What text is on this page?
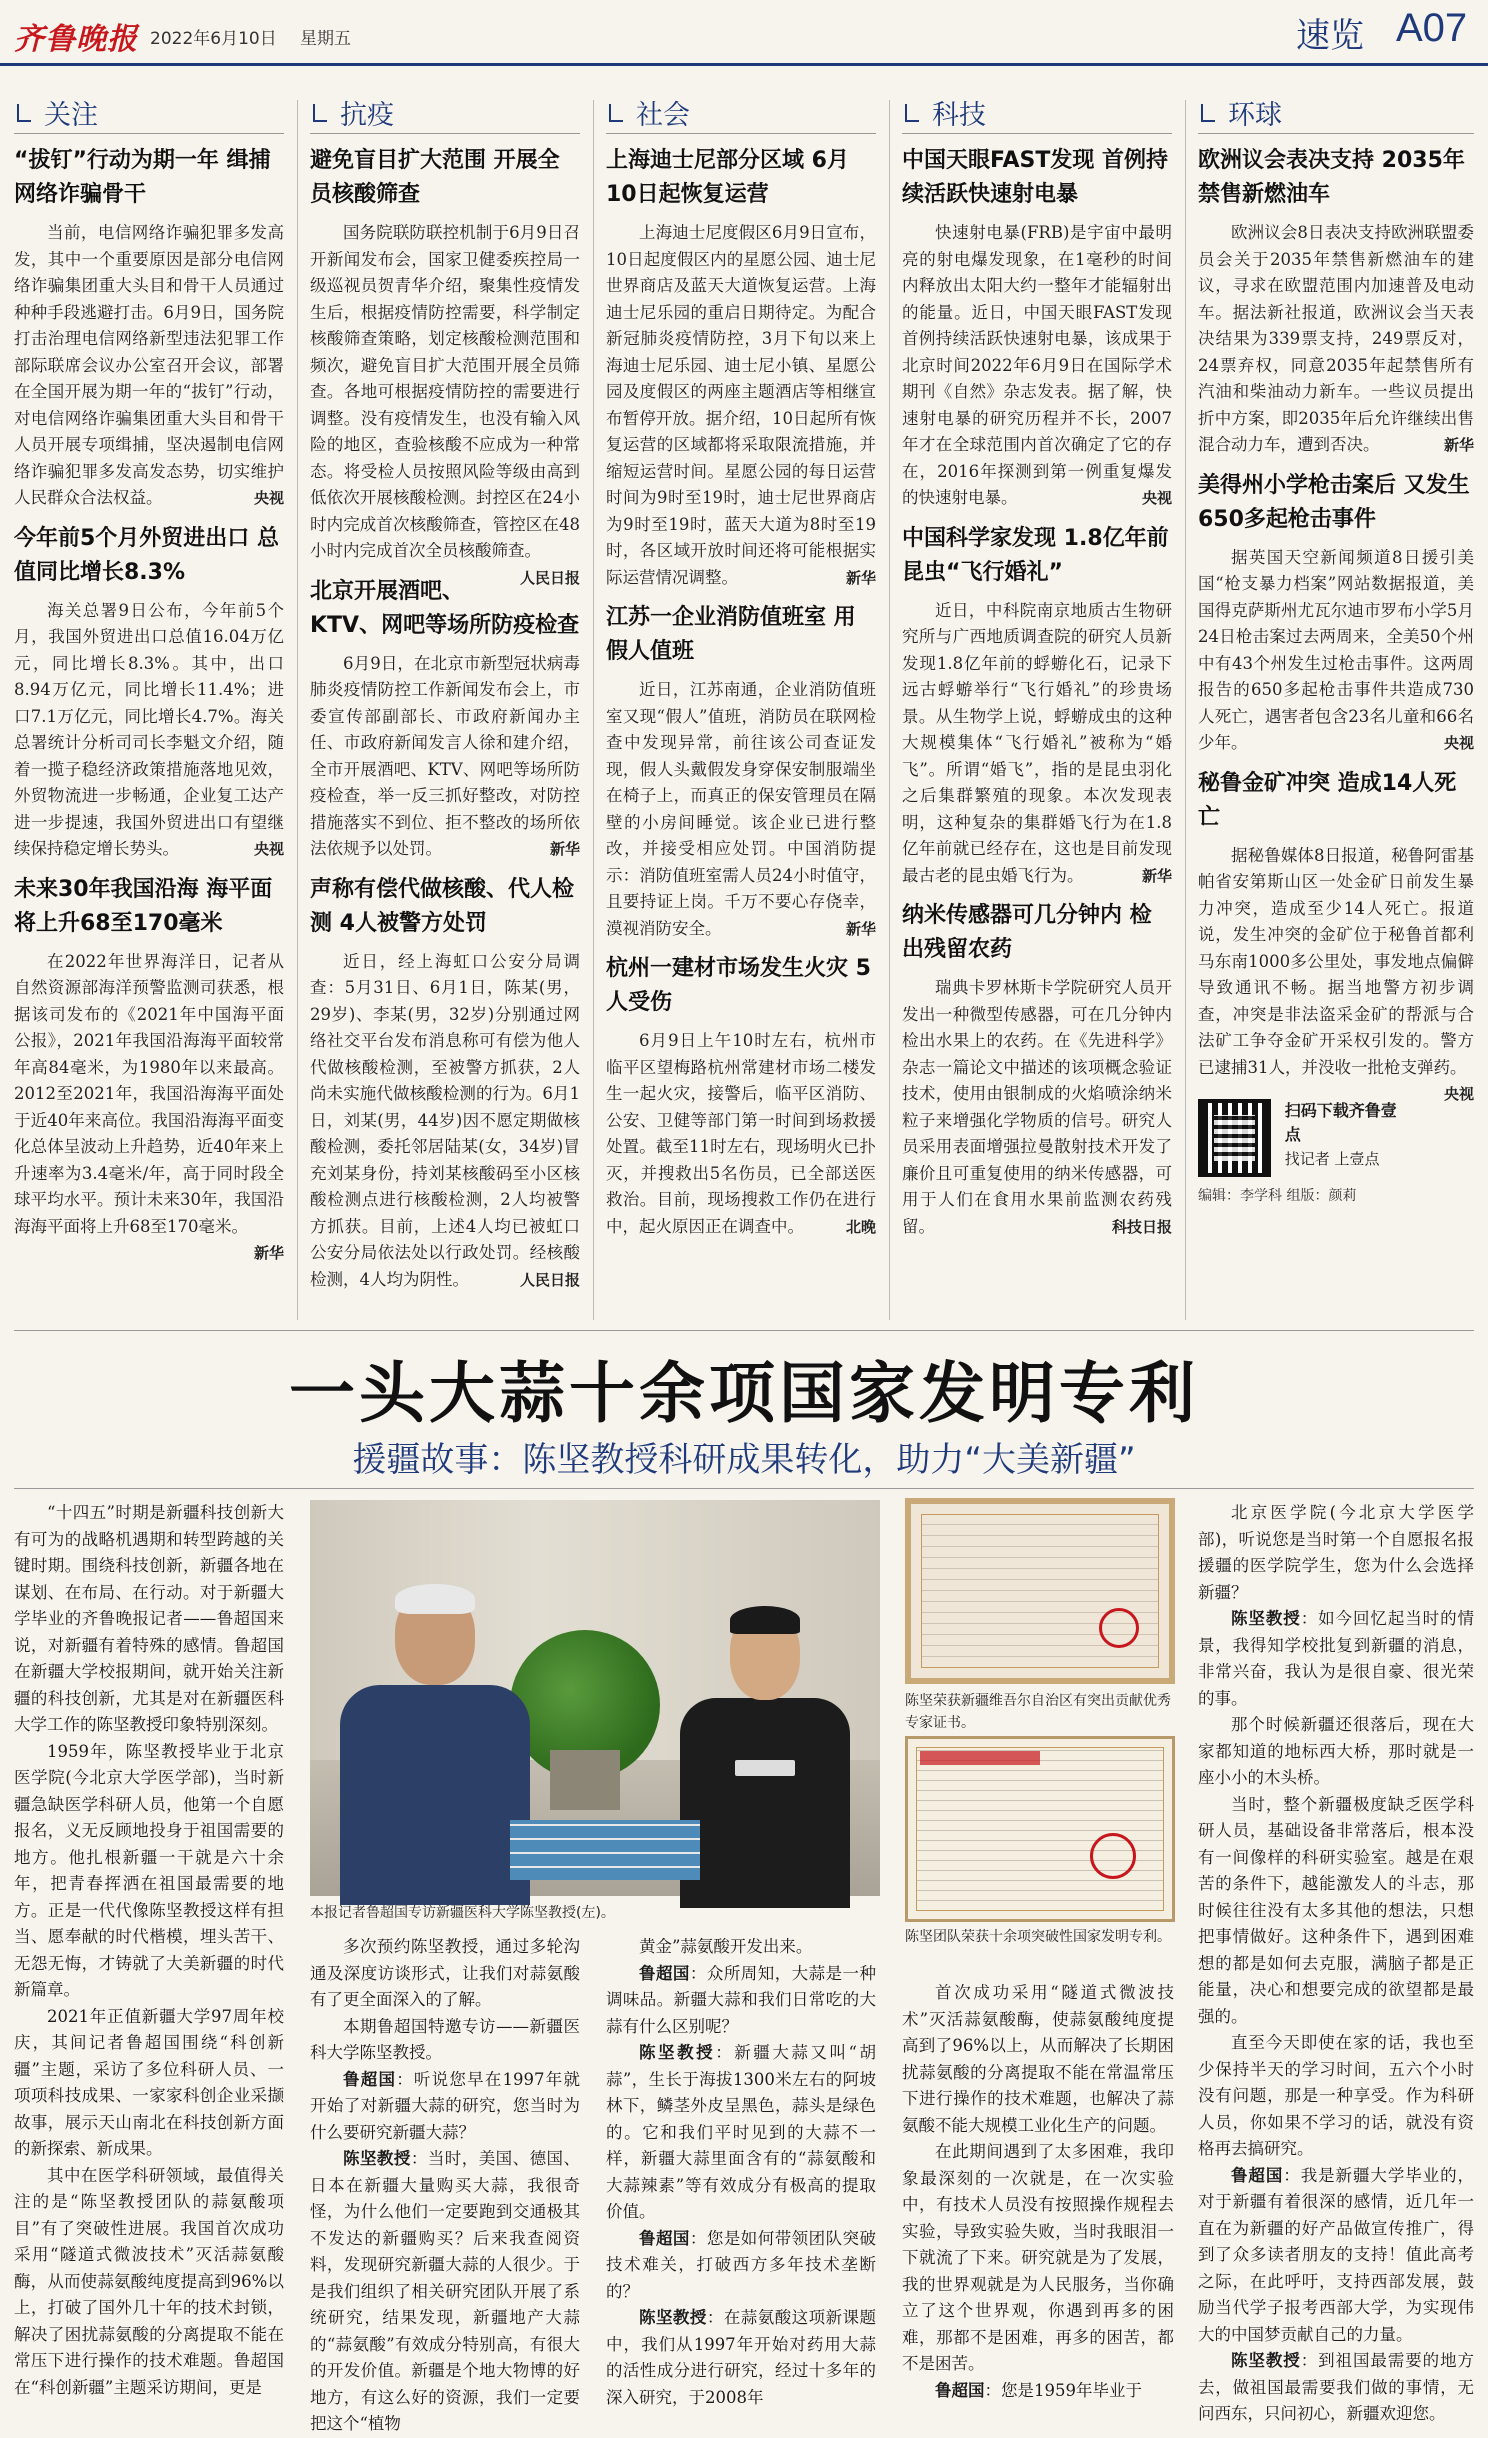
齐鲁晚报 2022年6月10日 星期五	速览 A07
关注
“拔钉”行动为期一年 缉捕网络诈骗骨干
当前，电信网络诈骗犯罪多发高发，其中一个重要原因是部分电信网络诈骗集团重大头目和骨干人员通过种种手段逃避打击。6月9日，国务院打击治理电信网络新型违法犯罪工作部际联席会议办公室召开会议，部署在全国开展为期一年的“拔钉”行动，对电信网络诈骗集团重大头目和骨干人员开展专项缉捕，坚决遏制电信网络诈骗犯罪多发高发态势，切实维护人民群众合法权益。	央视
今年前5个月外贸进出口 总值同比增长8.3%
海关总署9日公布，今年前5个月，我国外贸进出口总值16.04万亿元，同比增长8.3%。其中，出口8.94万亿元，同比增长11.4%；进口7.1万亿元，同比增长4.7%。海关总署统计分析司司长李魁文介绍，随着一揽子稳经济政策措施落地见效，外贸物流进一步畅通，企业复工达产进一步提速，我国外贸进出口有望继续保持稳定增长势头。	央视
未来30年我国沿海 海平面将上升68至170毫米
在2022年世界海洋日，记者从自然资源部海洋预警监测司获悉，根据该司发布的《2021年中国海平面公报》，2021年我国沿海海平面较常年高84毫米，为1980年以来最高。2012至2021年，我国沿海海平面处于近40年来高位。我国沿海海平面变化总体呈波动上升趋势，近40年来上升速率为3.4毫米/年，高于同时段全球平均水平。预计未来30年，我国沿海海平面将上升68至170毫米。
新华
抗疫
避免盲目扩大范围 开展全员核酸筛查
国务院联防联控机制于6月9日召开新闻发布会，国家卫健委疾控局一级巡视员贺青华介绍，聚集性疫情发生后，根据疫情防控需要，科学制定核酸筛查策略，划定核酸检测范围和频次，避免盲目扩大范围开展全员筛查。各地可根据疫情防控的需要进行调整。没有疫情发生，也没有输入风险的地区，查验核酸不应成为一种常态。将受检人员按照风险等级由高到低依次开展核酸检测。封控区在24小时内完成首次核酸筛查，管控区在48小时内完成首次全员核酸筛查。
人民日报
北京开展酒吧、KTV、网吧等场所防疫检查
6月9日，在北京市新型冠状病毒肺炎疫情防控工作新闻发布会上，市委宣传部副部长、市政府新闻办主任、市政府新闻发言人徐和建介绍，全市开展酒吧、KTV、网吧等场所防疫检查，举一反三抓好整改，对防控措施落实不到位、拒不整改的场所依法依规予以处罚。	新华
声称有偿代做核酸、代人检测 4人被警方处罚
近日，经上海虹口公安分局调查：5月31日、6月1日，陈某(男，29岁)、李某(男，32岁)分别通过网络社交平台发布消息称可有偿为他人代做核酸检测，至被警方抓获，2人尚未实施代做核酸检测的行为。6月1日，刘某(男，44岁)因不愿定期做核酸检测，委托邻居陆某(女，34岁)冒充刘某身份，持刘某核酸码至小区核酸检测点进行核酸检测，2人均被警方抓获。目前，上述4人均已被虹口公安分局依法处以行政处罚。经核酸检测，4人均为阴性。	人民日报
社会
上海迪士尼部分区域 6月10日起恢复运营
上海迪士尼度假区6月9日宣布，10日起度假区内的星愿公园、迪士尼世界商店及蓝天大道恢复运营。上海迪士尼乐园的重启日期待定。为配合新冠肺炎疫情防控，3月下旬以来上海迪士尼乐园、迪士尼小镇、星愿公园及度假区的两座主题酒店等相继宣布暂停开放。据介绍，10日起所有恢复运营的区域都将采取限流措施，并缩短运营时间。星愿公园的每日运营时间为9时至19时，迪士尼世界商店为9时至19时，蓝天大道为8时至19时，各区域开放时间还将可能根据实际运营情况调整。	新华
江苏一企业消防值班室 用假人值班
近日，江苏南通，企业消防值班室又现“假人”值班，消防员在联网检查中发现异常，前往该公司查证发现，假人头戴假发身穿保安制服端坐在椅子上，而真正的保安管理员在隔壁的小房间睡觉。该企业已进行整改，并接受相应处罚。中国消防提示：消防值班室需人员24小时值守，且要持证上岗。千万不要心存侥幸，漠视消防安全。	新华
杭州一建材市场发生火灾 5人受伤
6月9日上午10时左右，杭州市临平区望梅路杭州常建材市场二楼发生一起火灾，接警后，临平区消防、公安、卫健等部门第一时间到场救援处置。截至11时左右，现场明火已扑灭，并搜救出5名伤员，已全部送医救治。目前，现场搜救工作仍在进行中，起火原因正在调查中。	北晚
科技
中国天眼FAST发现 首例持续活跃快速射电暴
快速射电暴(FRB)是宇宙中最明亮的射电爆发现象，在1毫秒的时间内释放出太阳大约一整年才能辐射出的能量。近日，中国天眼FAST发现首例持续活跃快速射电暴，该成果于北京时间2022年6月9日在国际学术期刊《自然》杂志发表。据了解，快速射电暴的研究历程并不长，2007年才在全球范围内首次确定了它的存在，2016年探测到第一例重复爆发的快速射电暴。	央视
中国科学家发现 1.8亿年前昆虫“飞行婚礼”
近日，中科院南京地质古生物研究所与广西地质调查院的研究人员新发现1.8亿年前的蜉蝣化石，记录下远古蜉蝣举行“飞行婚礼”的珍贵场景。从生物学上说，蜉蝣成虫的这种大规模集体“飞行婚礼”被称为“婚飞”。所谓“婚飞”，指的是昆虫羽化之后集群繁殖的现象。本次发现表明，这种复杂的集群婚飞行为在1.8亿年前就已经存在，这也是目前发现最古老的昆虫婚飞行为。	新华
纳米传感器可几分钟内 检出残留农药
瑞典卡罗林斯卡学院研究人员开发出一种微型传感器，可在几分钟内检出水果上的农药。在《先进科学》杂志一篇论文中描述的该项概念验证技术，使用由银制成的火焰喷涂纳米粒子来增强化学物质的信号。研究人员采用表面增强拉曼散射技术开发了廉价且可重复使用的纳米传感器，可用于人们在食用水果前监测农药残留。	科技日报
环球
欧洲议会表决支持 2035年禁售新燃油车
欧洲议会8日表决支持欧洲联盟委员会关于2035年禁售新燃油车的建议，寻求在欧盟范围内加速普及电动车。据法新社报道，欧洲议会当天表决结果为339票支持，249票反对，24票弃权，同意2035年起禁售所有汽油和柴油动力新车。一些议员提出折中方案，即2035年后允许继续出售混合动力车，遭到否决。	新华
美得州小学枪击案后 又发生650多起枪击事件
据英国天空新闻频道8日援引美国“枪支暴力档案”网站数据报道，美国得克萨斯州尤瓦尔迪市罗布小学5月24日枪击案过去两周来，全美50个州中有43个州发生过枪击事件。这两周报告的650多起枪击事件共造成730人死亡，遇害者包含23名儿童和66名少年。	央视
秘鲁金矿冲突 造成14人死亡
据秘鲁媒体8日报道，秘鲁阿雷基帕省安第斯山区一处金矿日前发生暴力冲突，造成至少14人死亡。报道说，发生冲突的金矿位于秘鲁首都利马东南1000多公里处，事发地点偏僻导致通讯不畅。据当地警方初步调查，冲突是非法盗采金矿的帮派与合法矿工争夺金矿开采权引发的。警方已逮捕31人，并没收一批枪支弹药。
央视
扫码下载齐鲁壹点
找记者 上壹点
编辑：李学科 组版：颜莉
一头大蒜十余项国家发明专利
援疆故事：陈坚教授科研成果转化，助力“大美新疆”

“十四五”时期是新疆科技创新大有可为的战略机遇期和转型跨越的关键时期。围绕科技创新，新疆各地在谋划、在布局、在行动。对于新疆大学毕业的齐鲁晚报记者——鲁超国来说，对新疆有着特殊的感情。鲁超国在新疆大学校报期间，就开始关注新疆的科技创新，尤其是对在新疆医科大学工作的陈坚教授印象特别深刻。

1959年，陈坚教授毕业于北京医学院(今北京大学医学部)，当时新疆急缺医学科研人员，他第一个自愿报名，义无反顾地投身于祖国需要的地方。他扎根新疆一干就是六十余年，把青春挥洒在祖国最需要的地方。正是一代代像陈坚教授这样有担当、愿奉献的时代楷模，埋头苦干、无怨无悔，才铸就了大美新疆的时代新篇章。

2021年正值新疆大学97周年校庆，其间记者鲁超国围绕“科创新疆”主题，采访了多位科研人员、一项项科技成果、一家家科创企业采撷故事，展示天山南北在科技创新方面的新探索、新成果。

其中在医学科研领域，最值得关注的是“陈坚教授团队的蒜氨酸项目”有了突破性进展。我国首次成功采用“隧道式微波技术”灭活蒜氨酸酶，从而使蒜氨酸纯度提高到96%以上，打破了国外几十年的技术封锁，解决了困扰蒜氨酸的分离提取不能在常压下进行操作的技术难题。鲁超国在“科创新疆”主题采访期间，更是

本报记者鲁超国专访新疆医科大学陈坚教授(左)。

多次预约陈坚教授，通过多轮沟通及深度访谈形式，让我们对蒜氨酸有了更全面深入的了解。

本期鲁超国特邀专访——新疆医科大学陈坚教授。

鲁超国：听说您早在1997年就开始了对新疆大蒜的研究，您当时为什么要研究新疆大蒜？

陈坚教授：当时，美国、德国、日本在新疆大量购买大蒜，我很奇怪，为什么他们一定要跑到交通极其不发达的新疆购买？后来我查阅资料，发现研究新疆大蒜的人很少。于是我们组织了相关研究团队开展了系统研究，结果发现，新疆地产大蒜的“蒜氨酸”有效成分特别高，有很大的开发价值。新疆是个地大物博的好地方，有这么好的资源，我们一定要把这个“植物

黄金”蒜氨酸开发出来。

鲁超国：众所周知，大蒜是一种调味品。新疆大蒜和我们日常吃的大蒜有什么区别呢？

陈坚教授：新疆大蒜又叫“胡蒜”，生长于海拔1300米左右的阿坡林下，鳞茎外皮呈黑色，蒜头是绿色的。它和我们平时见到的大蒜不一样，新疆大蒜里面含有的“蒜氨酸和大蒜辣素”等有效成分有极高的提取价值。

鲁超国：您是如何带领团队突破技术难关，打破西方多年技术垄断的？

陈坚教授：在蒜氨酸这项新课题中，我们从1997年开始对药用大蒜的活性成分进行研究，经过十多年的深入研究，于2008年

陈坚荣获新疆维吾尔自治区有突出贡献优秀专家证书。
陈坚团队荣获十余项突破性国家发明专利。

首次成功采用“隧道式微波技术”灭活蒜氨酸酶，使蒜氨酸纯度提高到了96%以上，从而解决了长期困扰蒜氨酸的分离提取不能在常温常压下进行操作的技术难题，也解决了蒜氨酸不能大规模工业化生产的问题。

在此期间遇到了太多困难，我印象最深刻的一次就是，在一次实验中，有技术人员没有按照操作规程去实验，导致实验失败，当时我眼泪一下就流了下来。研究就是为了发展，我的世界观就是为人民服务，当你确立了这个世界观，你遇到再多的困难，那都不是困难，再多的困苦，都不是困苦。

鲁超国：您是1959年毕业于

北京医学院(今北京大学医学部)，听说您是当时第一个自愿报名报援疆的医学院学生，您为什么会选择新疆？

陈坚教授：如今回忆起当时的情景，我得知学校批复到新疆的消息，非常兴奋，我认为是很自豪、很光荣的事。

那个时候新疆还很落后，现在大家都知道的地标西大桥，那时就是一座小小的木头桥。

当时，整个新疆极度缺乏医学科研人员，基础设备非常落后，根本没有一间像样的科研实验室。越是在艰苦的条件下，越能激发人的斗志，那时候往往没有太多其他的想法，只想把事情做好。这种条件下，遇到困难想的都是如何去克服，满脑子都是正能量，决心和想要完成的欲望都是最强的。

直至今天即使在家的话，我也至少保持半天的学习时间，五六个小时没有问题，那是一种享受。作为科研人员，你如果不学习的话，就没有资格再去搞研究。

鲁超国：我是新疆大学毕业的，对于新疆有着很深的感情，近几年一直在为新疆的好产品做宣传推广，得到了众多读者朋友的支持！值此高考之际，在此呼吁，支持西部发展，鼓励当代学子报考西部大学，为实现伟大的中国梦贡献自己的力量。

陈坚教授：到祖国最需要的地方去，做祖国最需要我们做的事情，无问西东，只问初心，新疆欢迎您。
